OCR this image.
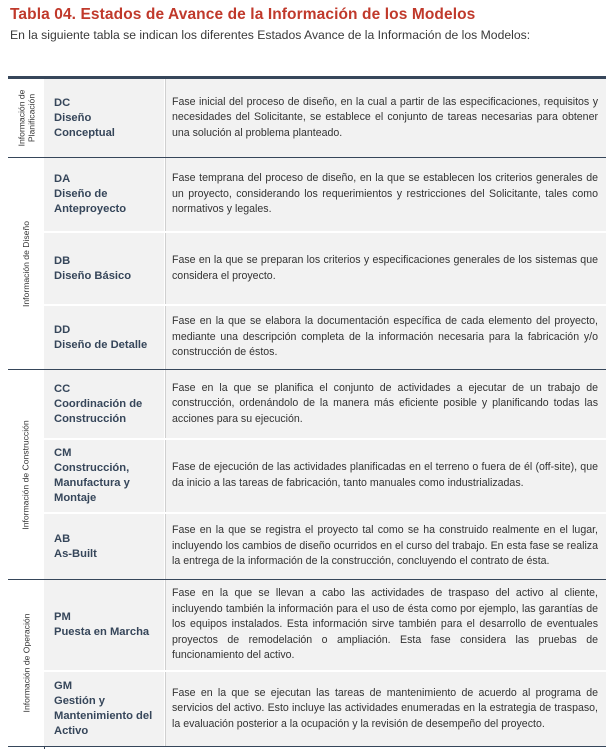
Tabla 04. Estados de Avance de la Información de los Modelos
En la siguiente tabla se indican los diferentes Estados Avance de la Información de los Modelos:
Información de Planificación
Información de Diseño
Información de Construcción
Información de Operación
DC
Diseño
Conceptual
Fase inicial del proceso de diseño, en la cual a partir de las especificaciones, requisitos y necesidades del Solicitante, se establece el conjunto de tareas necesarias para obtener una solución al problema planteado.
DA
Diseño de
Anteproyecto
Fase temprana del proceso de diseño, en la que se establecen los criterios generales de un proyecto, considerando los requerimientos y restricciones del Solicitante, tales como normativos y legales.
DB
Diseño Básico
Fase en la que se preparan los criterios y especificaciones generales de los sistemas que considera el proyecto.
DD
Diseño de Detalle
Fase en la que se elabora la documentación específica de cada elemento del proyecto, mediante una descripción completa de la información necesaria para la fabricación y/o construcción de éstos.
CC
Coordinación de
Construcción
Fase en la que se planifica el conjunto de actividades a ejecutar de un trabajo de construcción, ordenándolo de la manera más eficiente posible y planificando todas las acciones para su ejecución.
CM
Construcción,
Manufactura y
Montaje
Fase de ejecución de las actividades planificadas en el terreno o fuera de él (off-site), que da inicio a las tareas de fabricación, tanto manuales como industrializadas.
AB
As-Built
Fase en la que se registra el proyecto tal como se ha construido realmente en el lugar, incluyendo los cambios de diseño ocurridos en el curso del trabajo. En esta fase se realiza la entrega de la información de la construcción, concluyendo el contrato de ésta.
PM
Puesta en Marcha
Fase en la que se llevan a cabo las actividades de traspaso del activo al cliente, incluyendo también la información para el uso de ésta como por ejemplo, las garantías de los equipos instalados. Esta información sirve también para el desarrollo de eventuales proyectos de remodelación o ampliación. Esta fase considera las pruebas de funcionamiento del activo.
GM
Gestión y
Mantenimiento del
Activo
Fase en la que se ejecutan las tareas de mantenimiento de acuerdo al programa de servicios del activo. Esto incluye las actividades enumeradas en la estrategia de traspaso, la evaluación posterior a la ocupación y la revisión de desempeño del proyecto.
